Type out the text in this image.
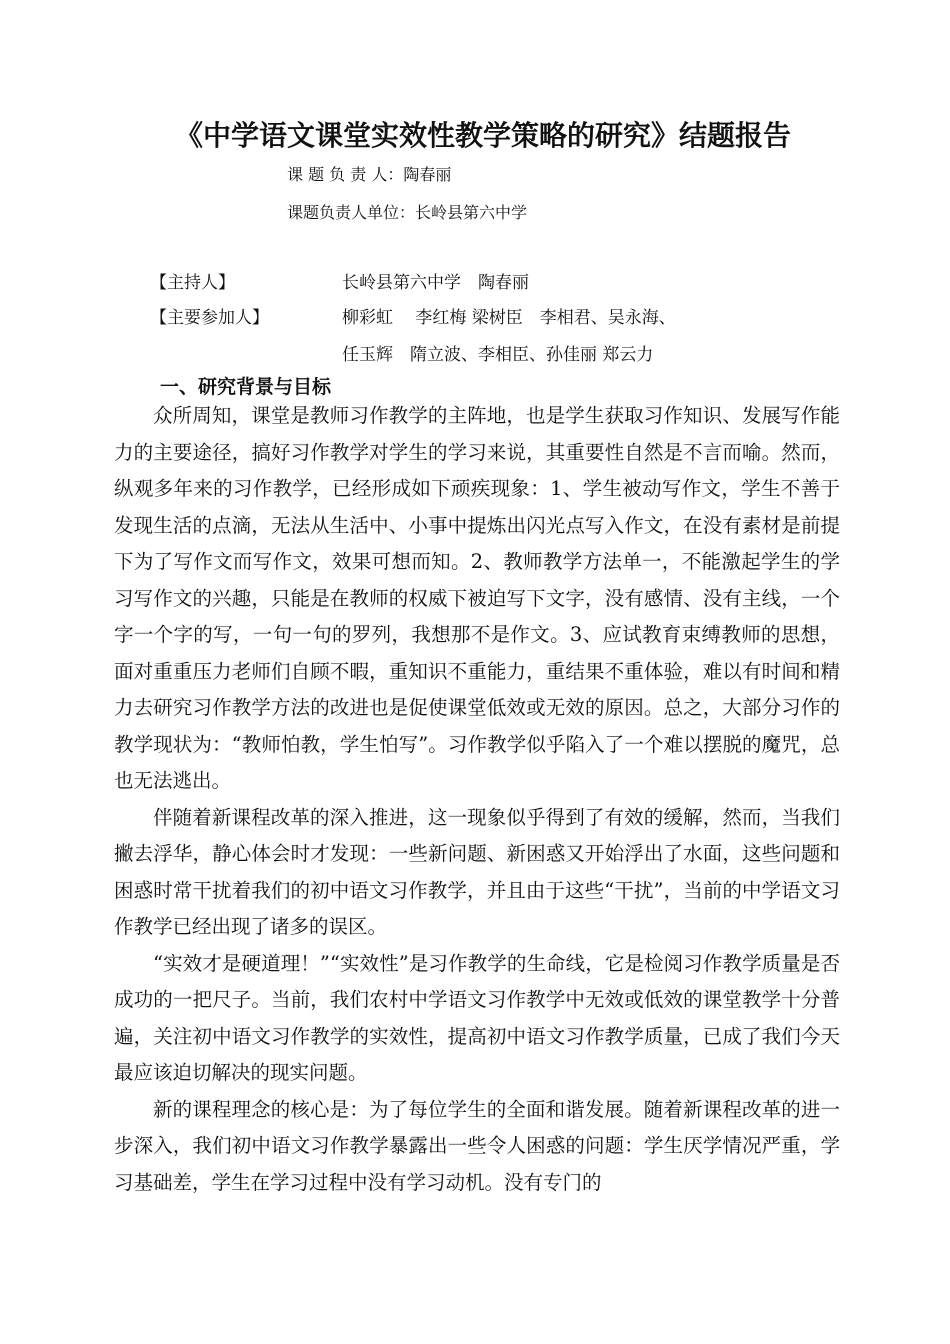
《中学语文课堂实效性教学策略的研究》结题报告
课 题 负 责 人：陶春丽
课题负责人单位：长岭县第六中学
【主持人】	长岭县第六中学　陶春丽
【主要参加人】	柳彩虹　 李红梅 梁树臣　李相君、吴永海、
任玉辉　隋立波、李相臣、孙佳丽 郑云力
一、研究背景与目标

众所周知，课堂是教师习作教学的主阵地，也是学生获取习作知识、发展写作能力的主要途径，搞好习作教学对学生的学习来说，其重要性自然是不言而喻。然而，纵观多年来的习作教学，已经形成如下顽疾现象：1、学生被动写作文，学生不善于发现生活的点滴，无法从生活中、小事中提炼出闪光点写入作文，在没有素材是前提下为了写作文而写作文，效果可想而知。2、教师教学方法单一，不能激起学生的学习写作文的兴趣，只能是在教师的权威下被迫写下文字，没有感情、没有主线，一个字一个字的写，一句一句的罗列，我想那不是作文。3、应试教育束缚教师的思想，面对重重压力老师们自顾不暇，重知识不重能力，重结果不重体验，难以有时间和精力去研究习作教学方法的改进也是促使课堂低效或无效的原因。总之，大部分习作的教学现状为：“教师怕教，学生怕写”。习作教学似乎陷入了一个难以摆脱的魔咒，总也无法逃出。

伴随着新课程改革的深入推进，这一现象似乎得到了有效的缓解，然而，当我们撇去浮华，静心体会时才发现：一些新问题、新困惑又开始浮出了水面，这些问题和困惑时常干扰着我们的初中语文习作教学，并且由于这些“干扰”，当前的中学语文习作教学已经出现了诸多的误区。

“实效才是硬道理！”“实效性”是习作教学的生命线，它是检阅习作教学质量是否成功的一把尺子。当前，我们农村中学语文习作教学中无效或低效的课堂教学十分普遍，关注初中语文习作教学的实效性，提高初中语文习作教学质量，已成了我们今天最应该迫切解决的现实问题。

新的课程理念的核心是：为了每位学生的全面和谐发展。随着新课程改革的进一步深入，我们初中语文习作教学暴露出一些令人困惑的问题：学生厌学情况严重，学习基础差，学生在学习过程中没有学习动机。没有专门的
